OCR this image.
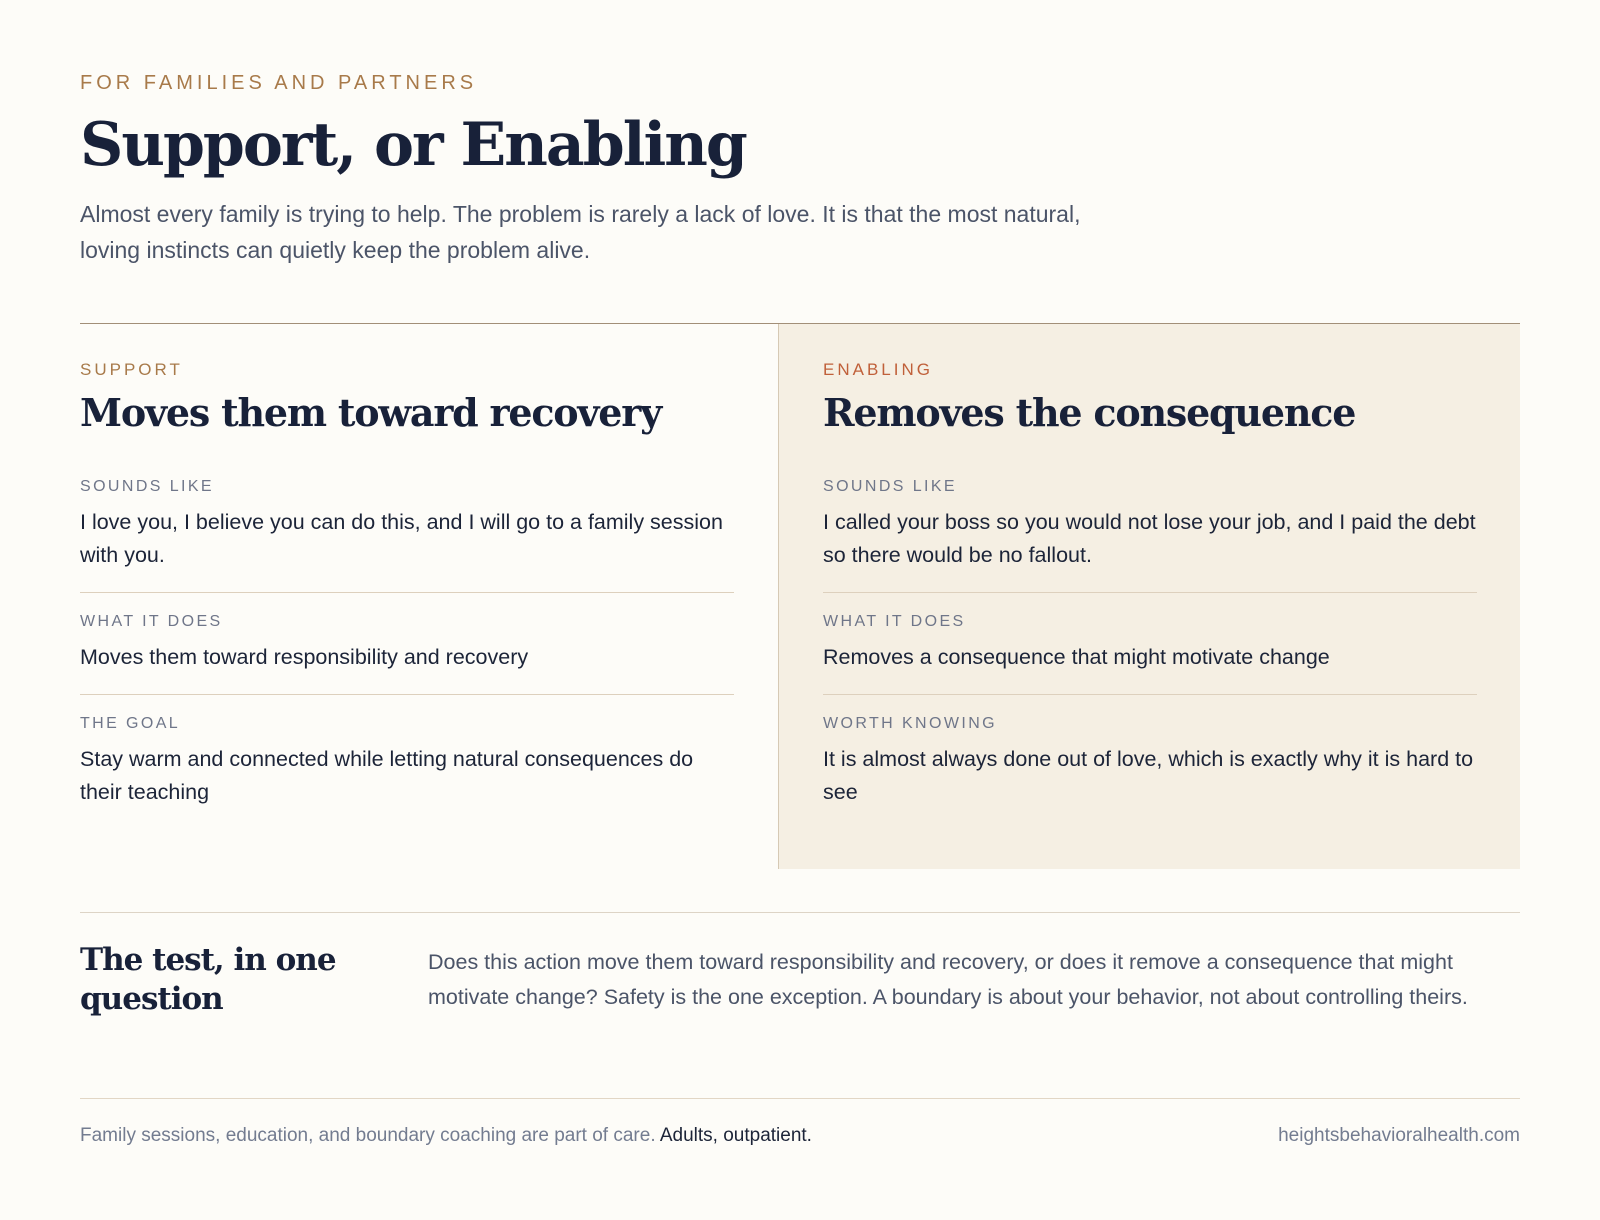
FOR FAMILIES AND PARTNERS
Support, or Enabling

Almost every family is trying to help. The problem is rarely a lack of love. It is that the most natural, loving instincts can quietly keep the problem alive.

SUPPORT
Moves them toward recovery
SOUNDS LIKE
I love you, I believe you can do this, and I will go to a family session with you.
WHAT IT DOES
Moves them toward responsibility and recovery
THE GOAL
Stay warm and connected while letting natural consequences do their teaching
ENABLING
Removes the consequence
SOUNDS LIKE
I called your boss so you would not lose your job, and I paid the debt so there would be no fallout.
WHAT IT DOES
Removes a consequence that might motivate change
WORTH KNOWING
It is almost always done out of love, which is exactly why it is hard to see
The test, in one question

Does this action move them toward responsibility and recovery, or does it remove a consequence that might motivate change? Safety is the one exception. A boundary is about your behavior, not about controlling theirs.

Family sessions, education, and boundary coaching are part of care. Adults, outpatient.	heightsbehavioralhealth.com
